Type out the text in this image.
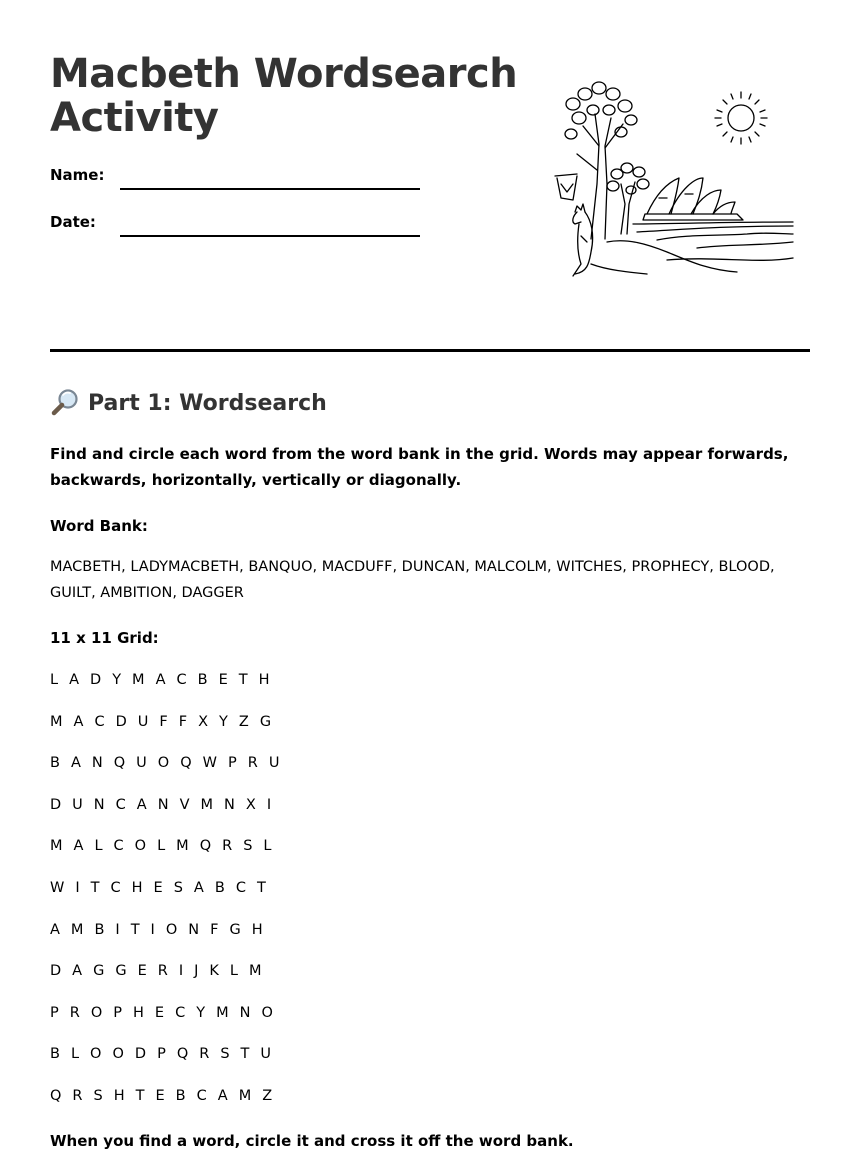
Macbeth Wordsearch
Activity
Name:
Date:
Part 1: Wordsearch

Find and circle each word from the word bank in the grid. Words may appear forwards, backwards, horizontally, vertically or diagonally.

Word Bank:

MACBETH, LADYMACBETH, BANQUO, MACDUFF, DUNCAN, MALCOLM, WITCHES, PROPHECY, BLOOD, GUILT, AMBITION, DAGGER

11 x 11 Grid:

L A D Y M A C B E T H
M A C D U F F X Y Z G
B A N Q U O Q W P R U
D U N C A N V M N X I
M A L C O L M Q R S L
W I T C H E S A B C T
A M B I T I O N F G H
D A G G E R I J K L M
P R O P H E C Y M N O
B L O O D P Q R S T U
Q R S H T E B C A M Z

When you find a word, circle it and cross it off the word bank.
